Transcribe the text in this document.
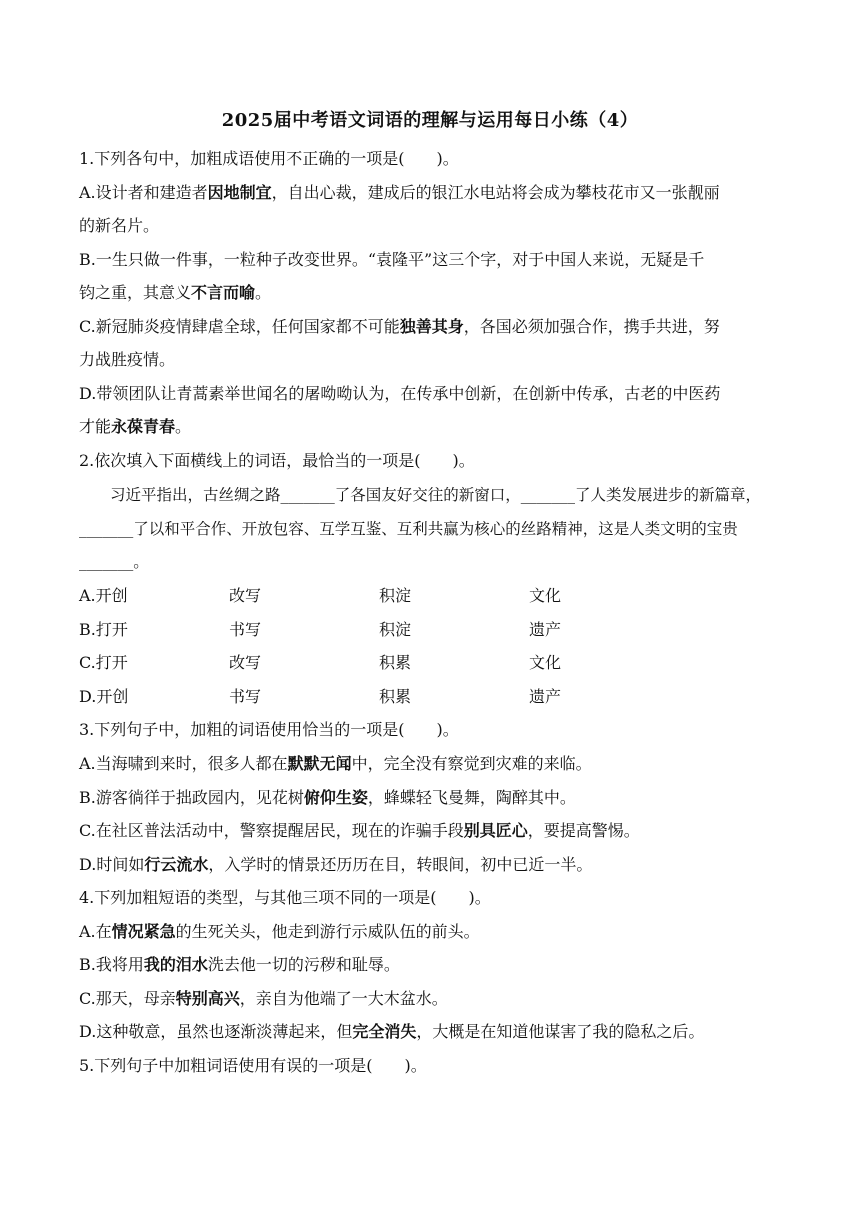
2025届中考语文词语的理解与运用每日小练（4）
1.下列各句中，加粗成语使用不正确的一项是(　　)。
A.设计者和建造者因地制宜，自出心裁，建成后的银江水电站将会成为攀枝花市又一张靓丽
的新名片。
B.一生只做一件事，一粒种子改变世界。“袁隆平”这三个字，对于中国人来说，无疑是千
钧之重，其意义不言而喻。
C.新冠肺炎疫情肆虐全球，任何国家都不可能独善其身，各国必须加强合作，携手共进，努
力战胜疫情。
D.带领团队让青蒿素举世闻名的屠呦呦认为，在传承中创新，在创新中传承，古老的中医药
才能永葆青春。
2.依次填入下面横线上的词语，最恰当的一项是(　　)。
　　习近平指出，古丝绸之路_______了各国友好交往的新窗口，_______了人类发展进步的新篇章，_______了以和平合作、开放包容、互学互鉴、互利共赢为核心的丝路精神，这是人类文明的宝贵_______。
A.开创	改写	积淀	文化
B.打开	书写	积淀	遗产
C.打开	改写	积累	文化
D.开创	书写	积累	遗产
3.下列句子中，加粗的词语使用恰当的一项是(　　)。
A.当海啸到来时，很多人都在默默无闻中，完全没有察觉到灾难的来临。
B.游客徜徉于拙政园内，见花树俯仰生姿，蜂蝶轻飞曼舞，陶醉其中。
C.在社区普法活动中，警察提醒居民，现在的诈骗手段别具匠心，要提高警惕。
D.时间如行云流水，入学时的情景还历历在目，转眼间，初中已近一半。
4.下列加粗短语的类型，与其他三项不同的一项是(　　)。
A.在情况紧急的生死关头，他走到游行示威队伍的前头。
B.我将用我的泪水洗去他一切的污秽和耻辱。
C.那天，母亲特别高兴，亲自为他端了一大木盆水。
D.这种敬意，虽然也逐渐淡薄起来，但完全消失，大概是在知道他谋害了我的隐私之后。
5.下列句子中加粗词语使用有误的一项是(　　)。
